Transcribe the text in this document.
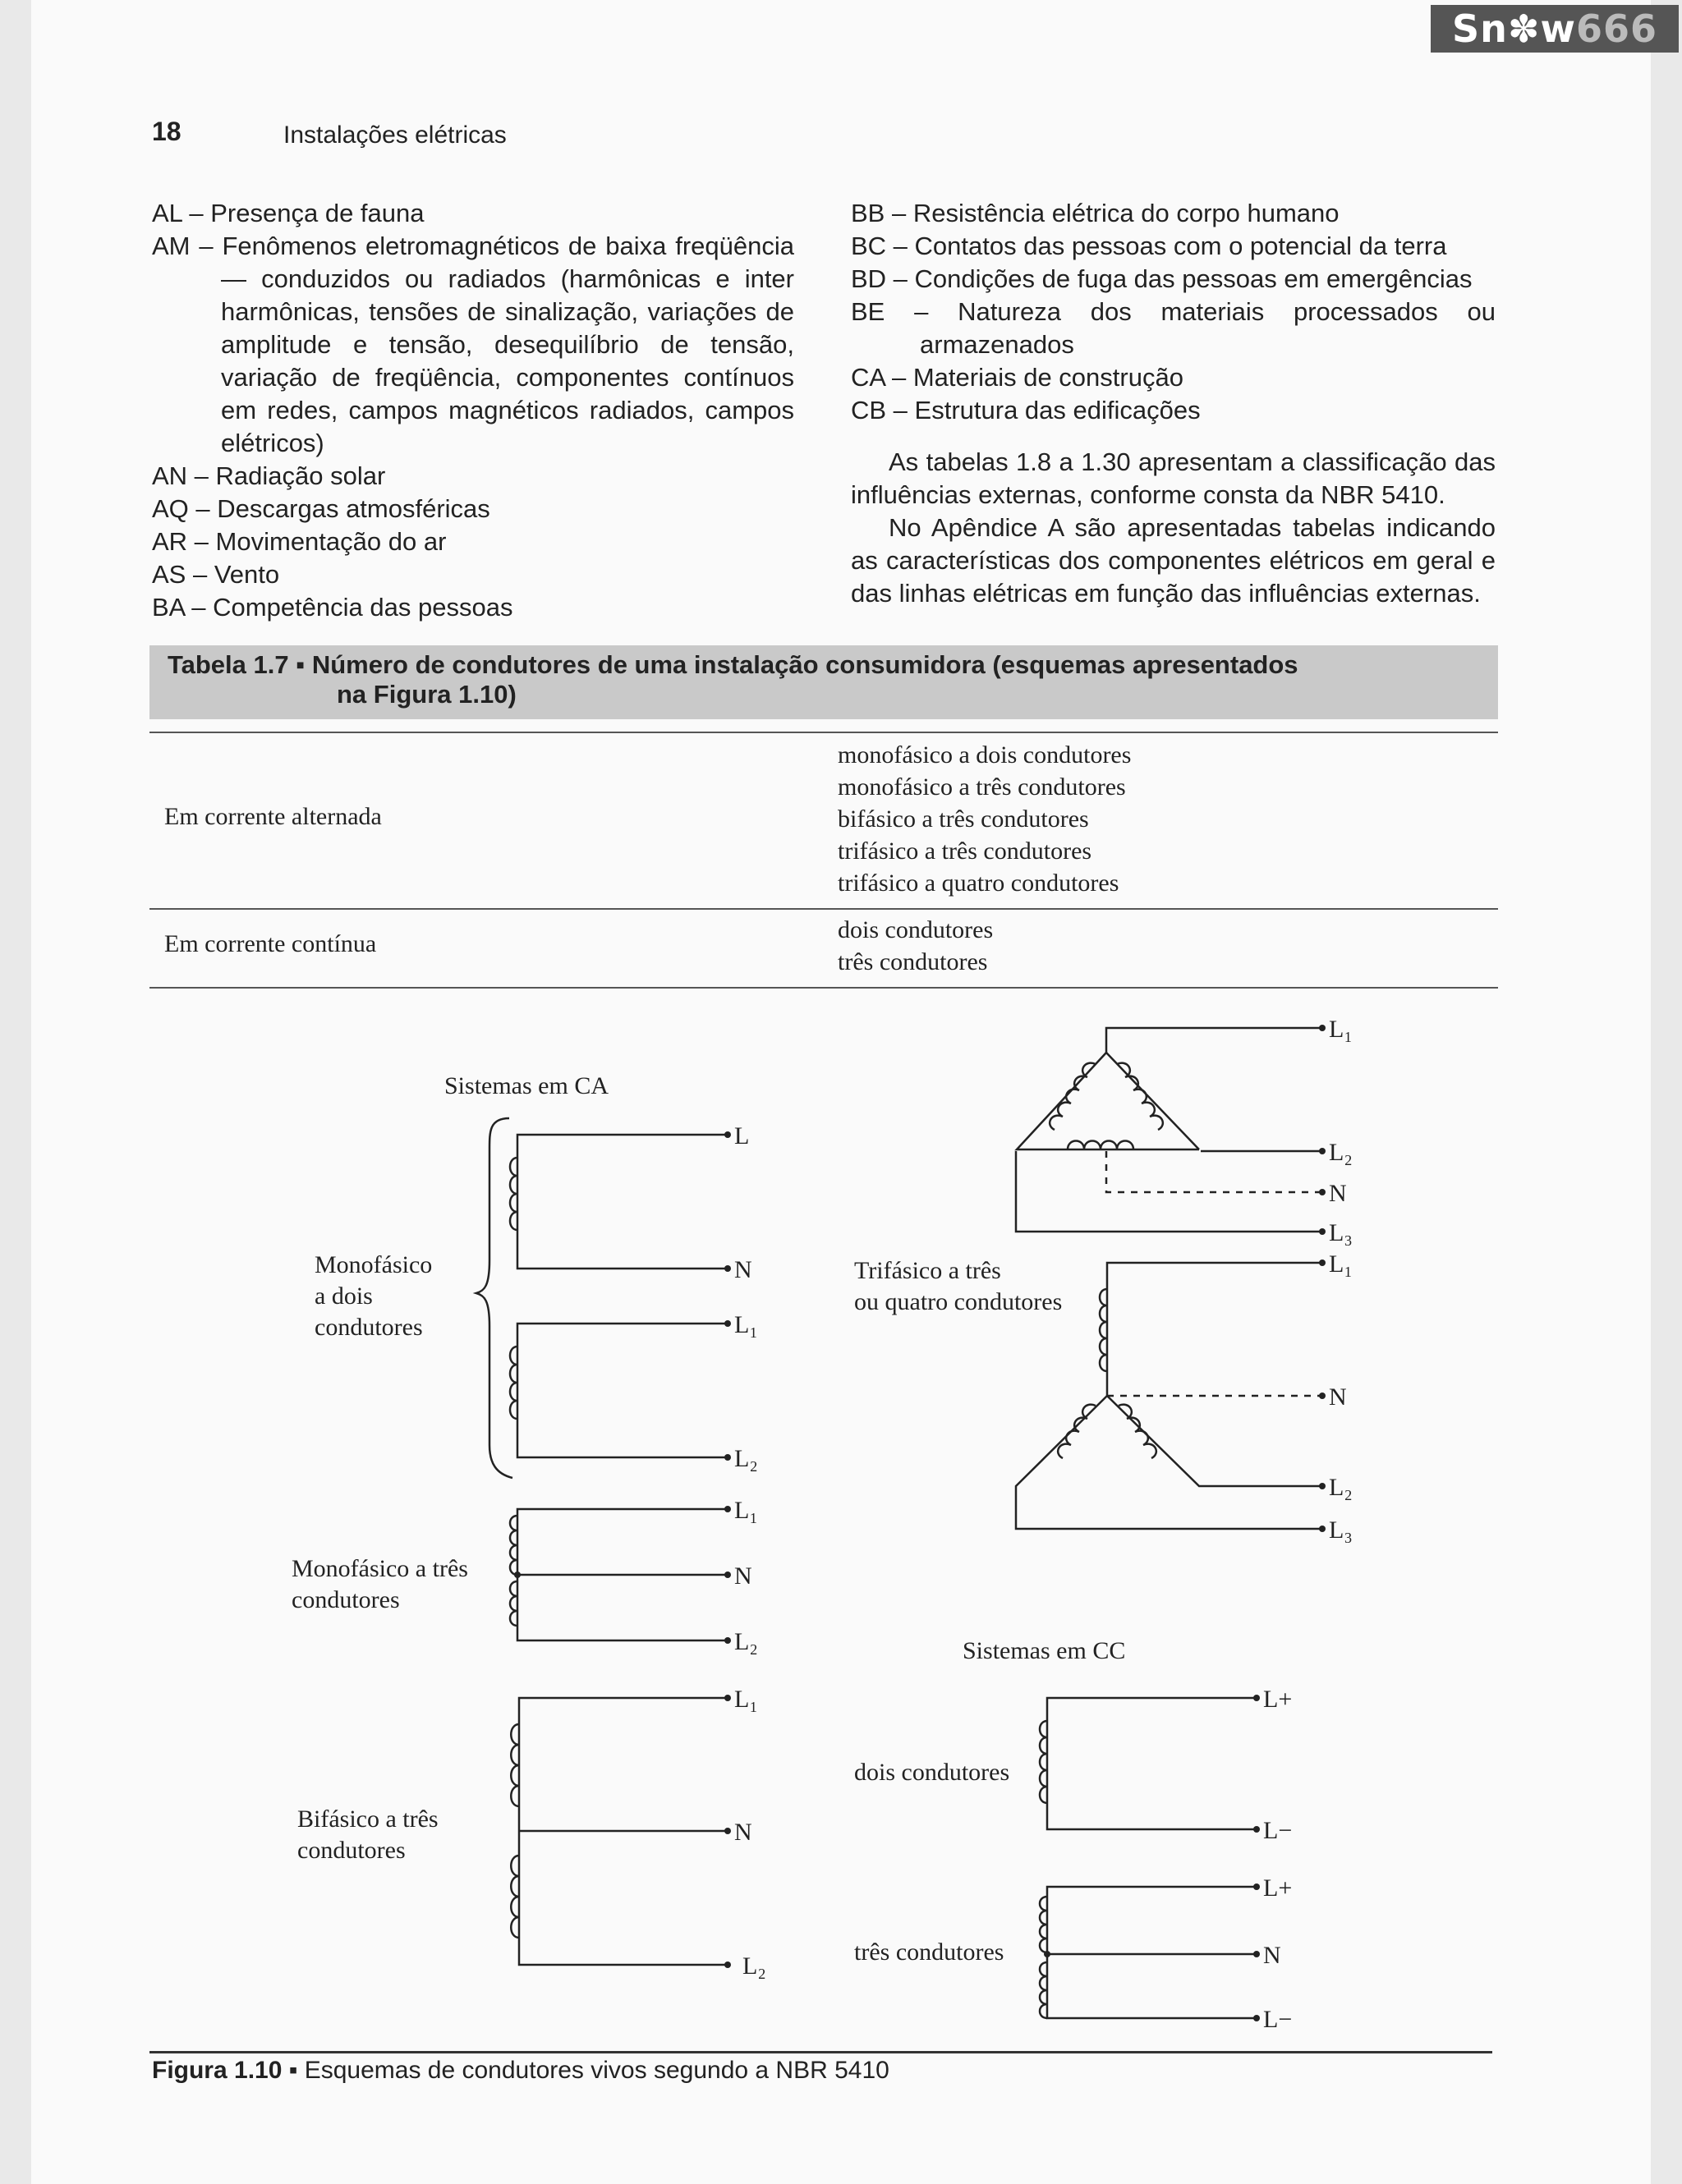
Sn✽w666
18	Instalações elétricas
AL – Presença de fauna
AM – Fenômenos eletromagnéticos de baixa freqüência — conduzidos ou radiados (harmônicas e inter harmônicas, tensões de sinalização, variações de amplitude e tensão, desequilíbrio de tensão, variação de freqüência, componentes contínuos em redes, campos magnéticos radiados, campos elétricos)
AN – Radiação solar
AQ – Descargas atmosféricas
AR – Movimentação do ar
AS – Vento
BA – Competência das pessoas
BB – Resistência elétrica do corpo humano
BC – Contatos das pessoas com o potencial da terra
BD – Condições de fuga das pessoas em emergências
BE – Natureza dos materiais processados ou armazenados
CA – Materiais de construção
CB – Estrutura das edificações

As tabelas 1.8 a 1.30 apresentam a classificação das influências externas, conforme consta da NBR 5410.

No Apêndice A são apresentadas tabelas indicando as características dos componentes elétricos em geral e das linhas elétricas em função das influências externas.

Tabela 1.7 ▪ Número de condutores de uma instalação consumidora (esquemas apresentados
na Figura 1.10)
Em corrente alternada
monofásico a dois condutores
monofásico a três condutores
bifásico a três condutores
trifásico a três condutores
trifásico a quatro condutores
Em corrente contínua
dois condutores
três condutores
Sistemas em CA
Sistemas em CC
Monofásico
a dois
condutores
Monofásico a três
condutores
Bifásico a três
condutores
Trifásico a três
ou quatro condutores
dois condutores
três condutores
L
N
L₁
L₂
L₁
N
L₂
L₁
N
L₂
L₁
L₂
N
L₃
L₁
N
L₂
L₃
L+
L−
L+
N
L−
Figura 1.10 ▪ Esquemas de condutores vivos segundo a NBR 5410
